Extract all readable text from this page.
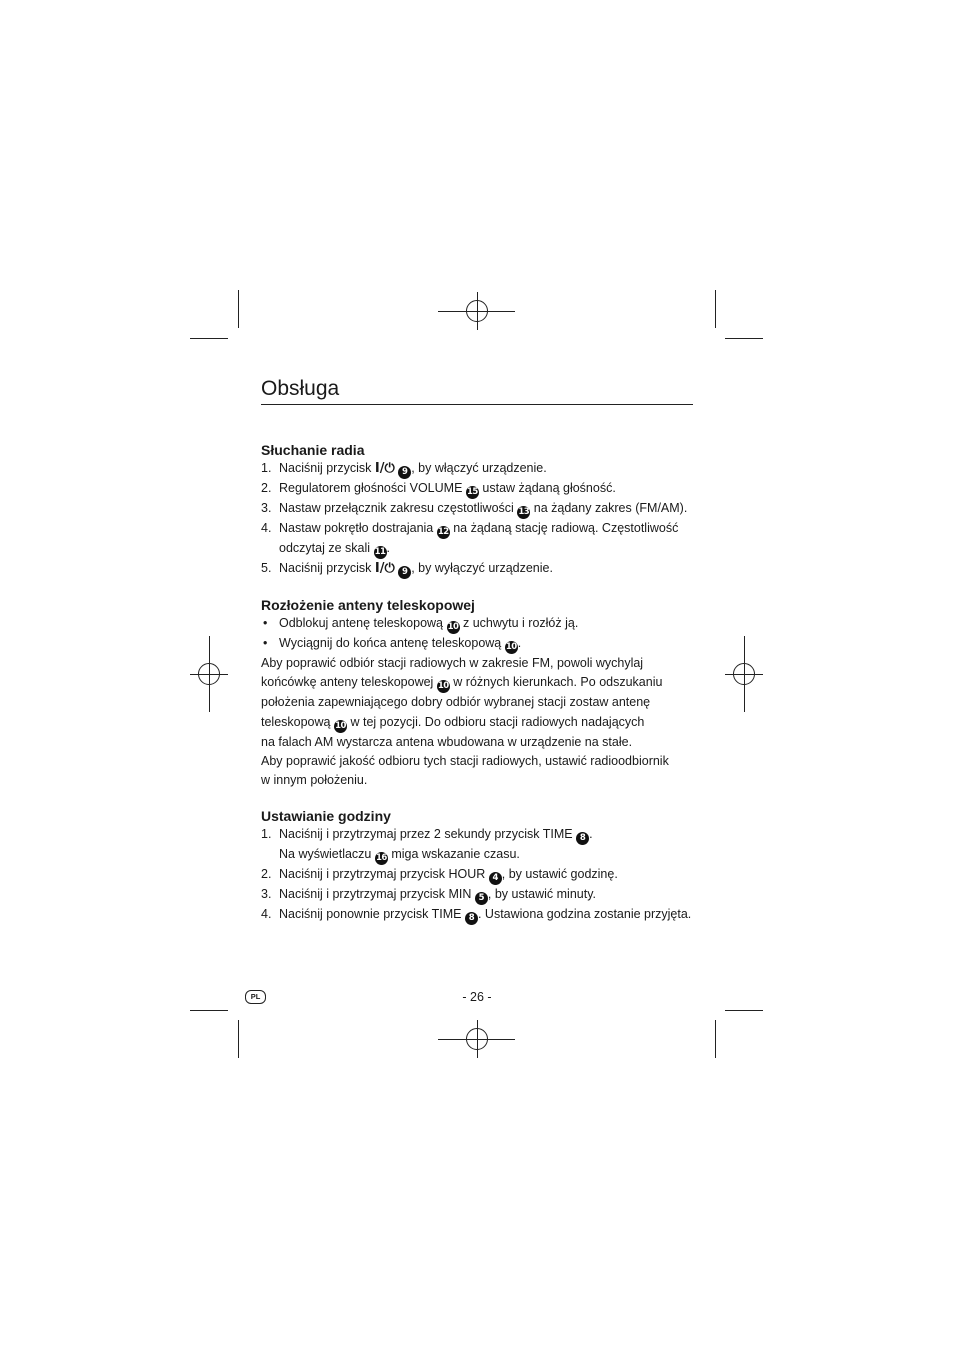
Obsługa
Słuchanie radia
1. Naciśnij przycisk I/⏻ 9 , by włączyć urządzenie.
2. Regulatorem głośności VOLUME 15 ustaw żądaną głośność.
3. Nastaw przełącznik zakresu częstotliwości 13 na żądany zakres (FM/AM).
4. Nastaw pokrętło dostrajania 12 na żądaną stację radiową. Częstotliwość
odczytaj ze skali 11.
5. Naciśnij przycisk I/⏻ 9 , by wyłączyć urządzenie.
Rozłożenie anteny teleskopowej
• Odblokuj antenę teleskopową 10 z uchwytu i rozłóż ją.
• Wyciągnij do końca antenę teleskopową 10.
Aby poprawić odbiór stacji radiowych w zakresie FM, powoli wychylaj
końcówkę anteny teleskopowej 10 w różnych kierunkach. Po odszukaniu
położenia zapewniającego dobry odbiór wybranej stacji zostaw antenę
teleskopową 10 w tej pozycji. Do odbioru stacji radiowych nadających
na falach AM wystarcza antena wbudowana w urządzenie na stałe.
Aby poprawić jakość odbioru tych stacji radiowych, ustawić radioodbiornik
w innym położeniu.
Ustawianie godziny
1. Naciśnij i przytrzymaj przez 2 sekundy przycisk TIME 8 .
Na wyświetlaczu 16 miga wskazanie czasu.
2. Naciśnij i przytrzymaj przycisk HOUR 4 , by ustawić godzinę.
3. Naciśnij i przytrzymaj przycisk MIN 5 , by ustawić minuty.
4. Naciśnij ponownie przycisk TIME 8 . Ustawiona godzina zostanie przyjęta.
PL	- 26 -
